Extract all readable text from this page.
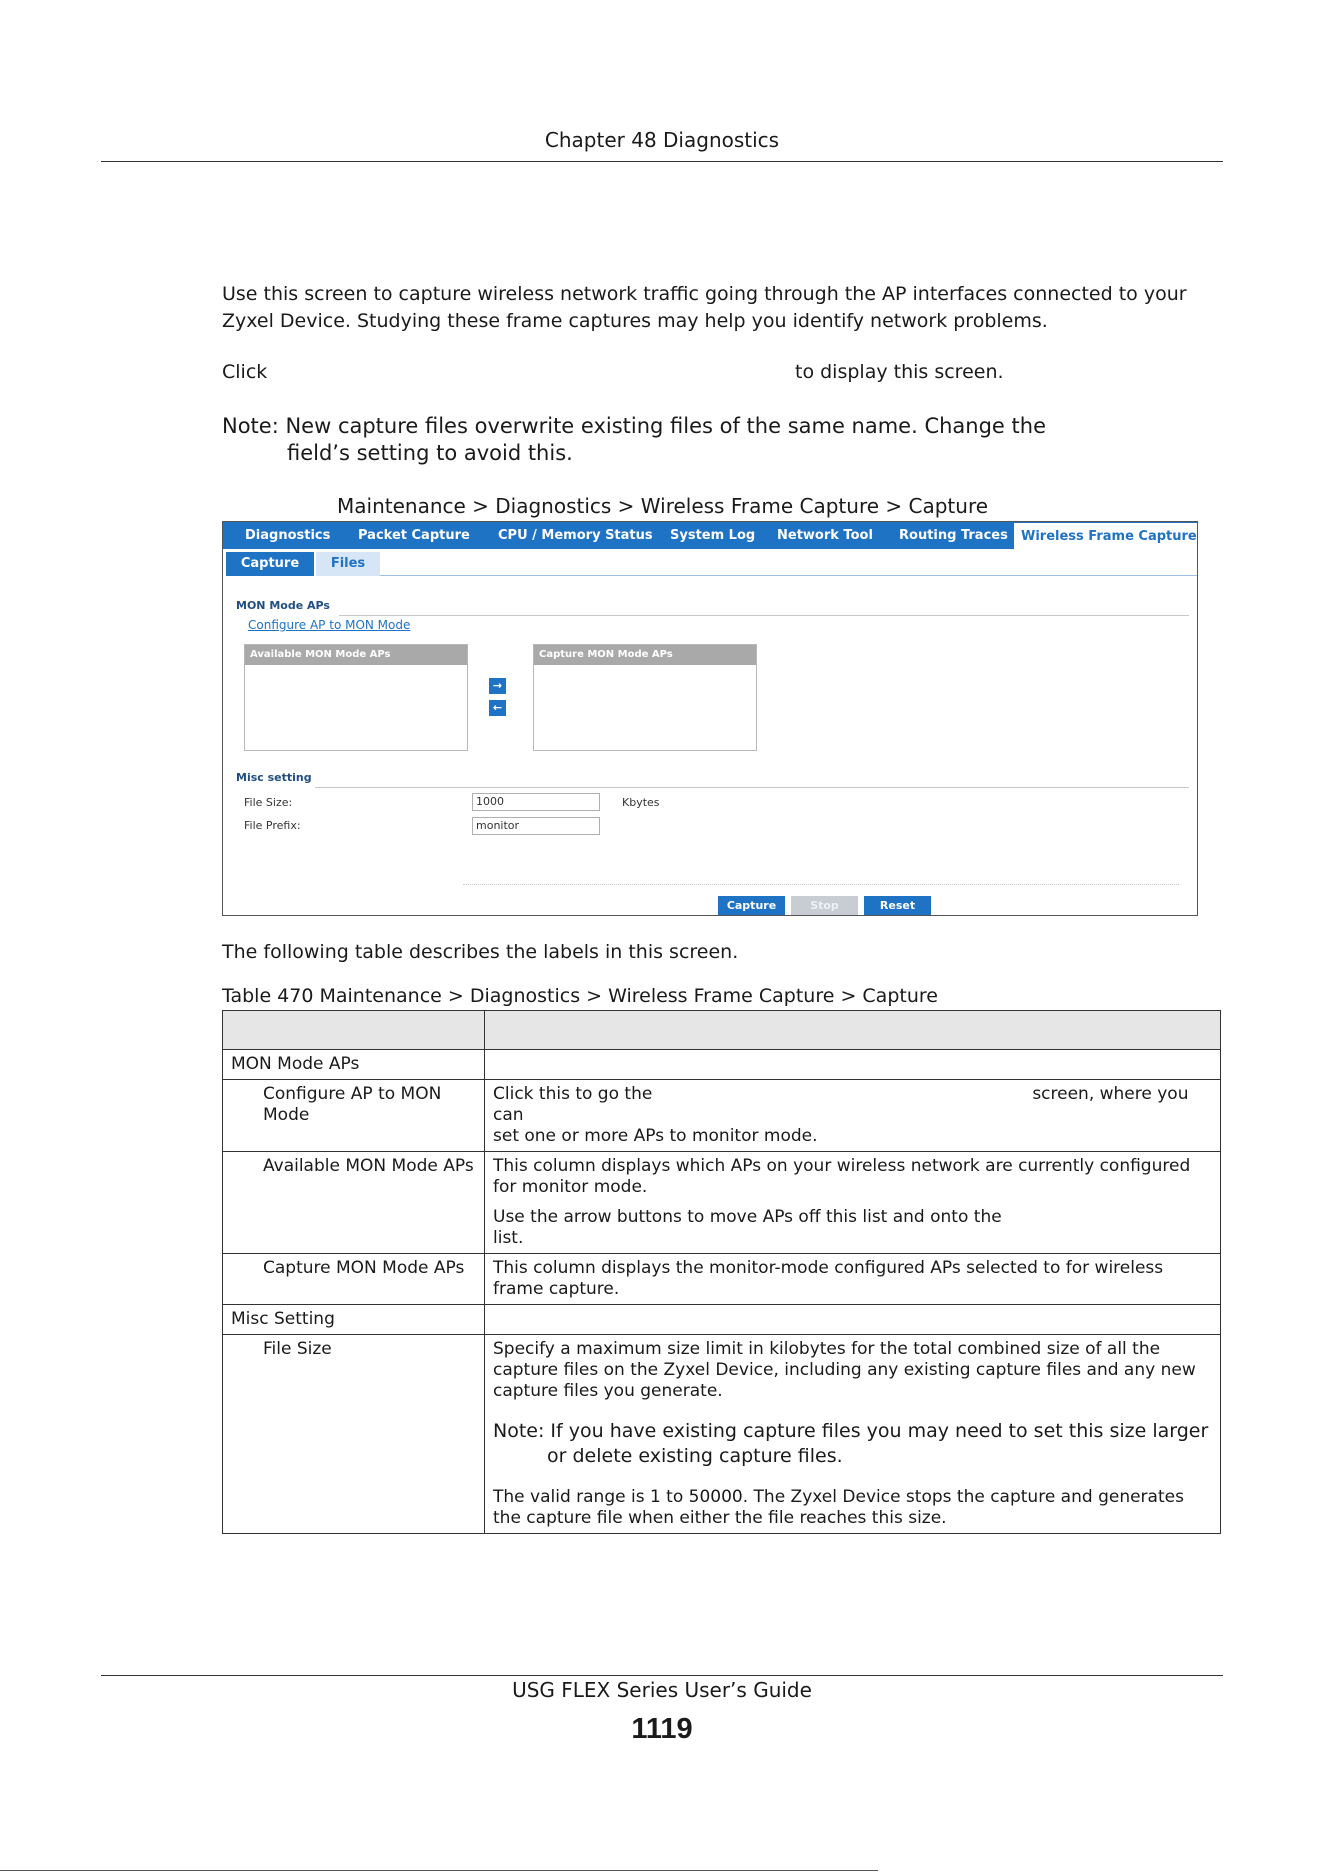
Chapter 48 Diagnostics
Use this screen to capture wireless network traffic going through the AP interfaces connected to your
Zyxel Device. Studying these frame captures may help you identify network problems.
Click	to display this screen.
Note: New capture files overwrite existing files of the same name. Change the
field’s setting to avoid this.
Maintenance > Diagnostics > Wireless Frame Capture > Capture
Diagnostics Packet Capture CPU / Memory Status System Log Network Tool Routing Traces	Wireless Frame Capture
Capture	Files
MON Mode APs
Configure AP to MON Mode
Available MON Mode APs
→
←
Capture MON Mode APs
Misc setting
File Size:
1000	Kbytes
File Prefix:
monitor
Capture	Stop	Reset
The following table describes the labels in this screen.
Table 470 Maintenance > Diagnostics > Wireless Frame Capture > Capture

MON Mode APs	
Configure AP to MON Mode	Click this to go the screen, where you can
set one or more APs to monitor mode.
Available MON Mode APs	This column displays which APs on your wireless network are currently configured for monitor mode.
Use the arrow buttons to move APs off this list and onto the
list.

Capture MON Mode APs	This column displays the monitor-mode configured APs selected to for wireless frame capture.
Misc Setting	
File Size	Specify a maximum size limit in kilobytes for the total combined size of all the capture files on the Zyxel Device, including any existing capture files and any new capture files you generate.
Note: If you have existing capture files you may need to set this size larger or delete existing capture files.
The valid range is 1 to 50000. The Zyxel Device stops the capture and generates the capture file when either the file reaches this size.
USG FLEX Series User’s Guide
1119
